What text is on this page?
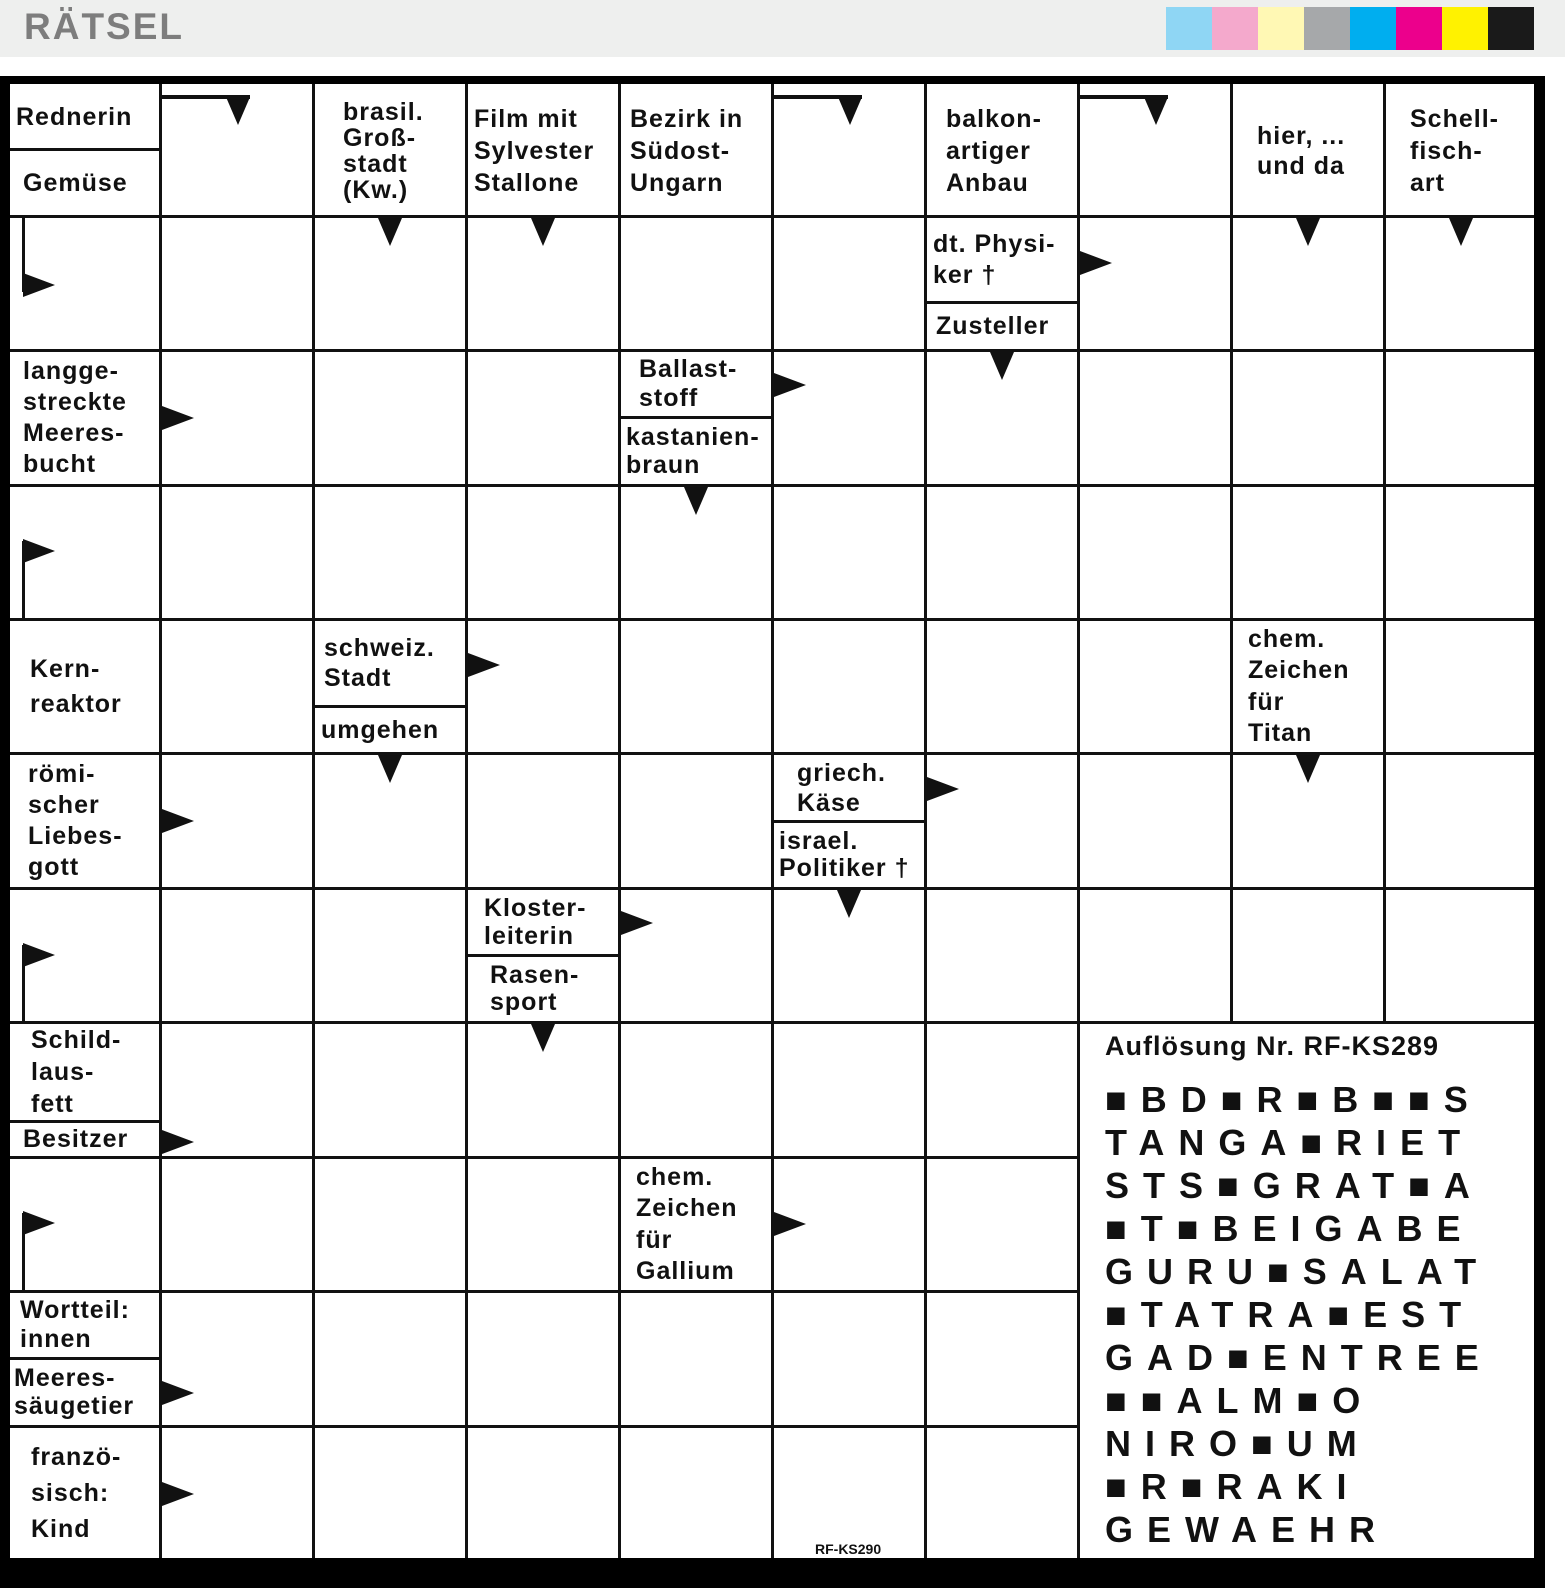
RÄTSEL
Rednerin
Gemüse
brasil.
Groß-
stadt
(Kw.)
Film mit
Sylvester
Stallone
Bezirk in
Südost-
Ungarn
balkon-
artiger
Anbau
hier, ...
und da
Schell-
fisch-
art
dt. Physi-
ker †
Zusteller
langge-
streckte
Meeres-
bucht
Ballast-
stoff
kastanien-
braun
Kern-
reaktor
schweiz.
Stadt
umgehen
chem.
Zeichen
für
Titan
römi-
scher
Liebes-
gott
griech.
Käse
israel.
Politiker †
Kloster-
leiterin
Rasen-
sport
Schild-
laus-
fett
Besitzer
chem.
Zeichen
für
Gallium
Wortteil:
innen
Meeres-
säugetier
franzö-
sisch:
Kind
Auflösung Nr. RF-KS289
■BD■R■B■■S
TANGA■RIET
STS■GRAT■A
■T■BEIGABE
GURU■SALAT
■TATRA■EST
GAD■ENTREE
■■ALM■O
NIRO■UM
■R■RAKI
GEWAEHR
RF-KS290
